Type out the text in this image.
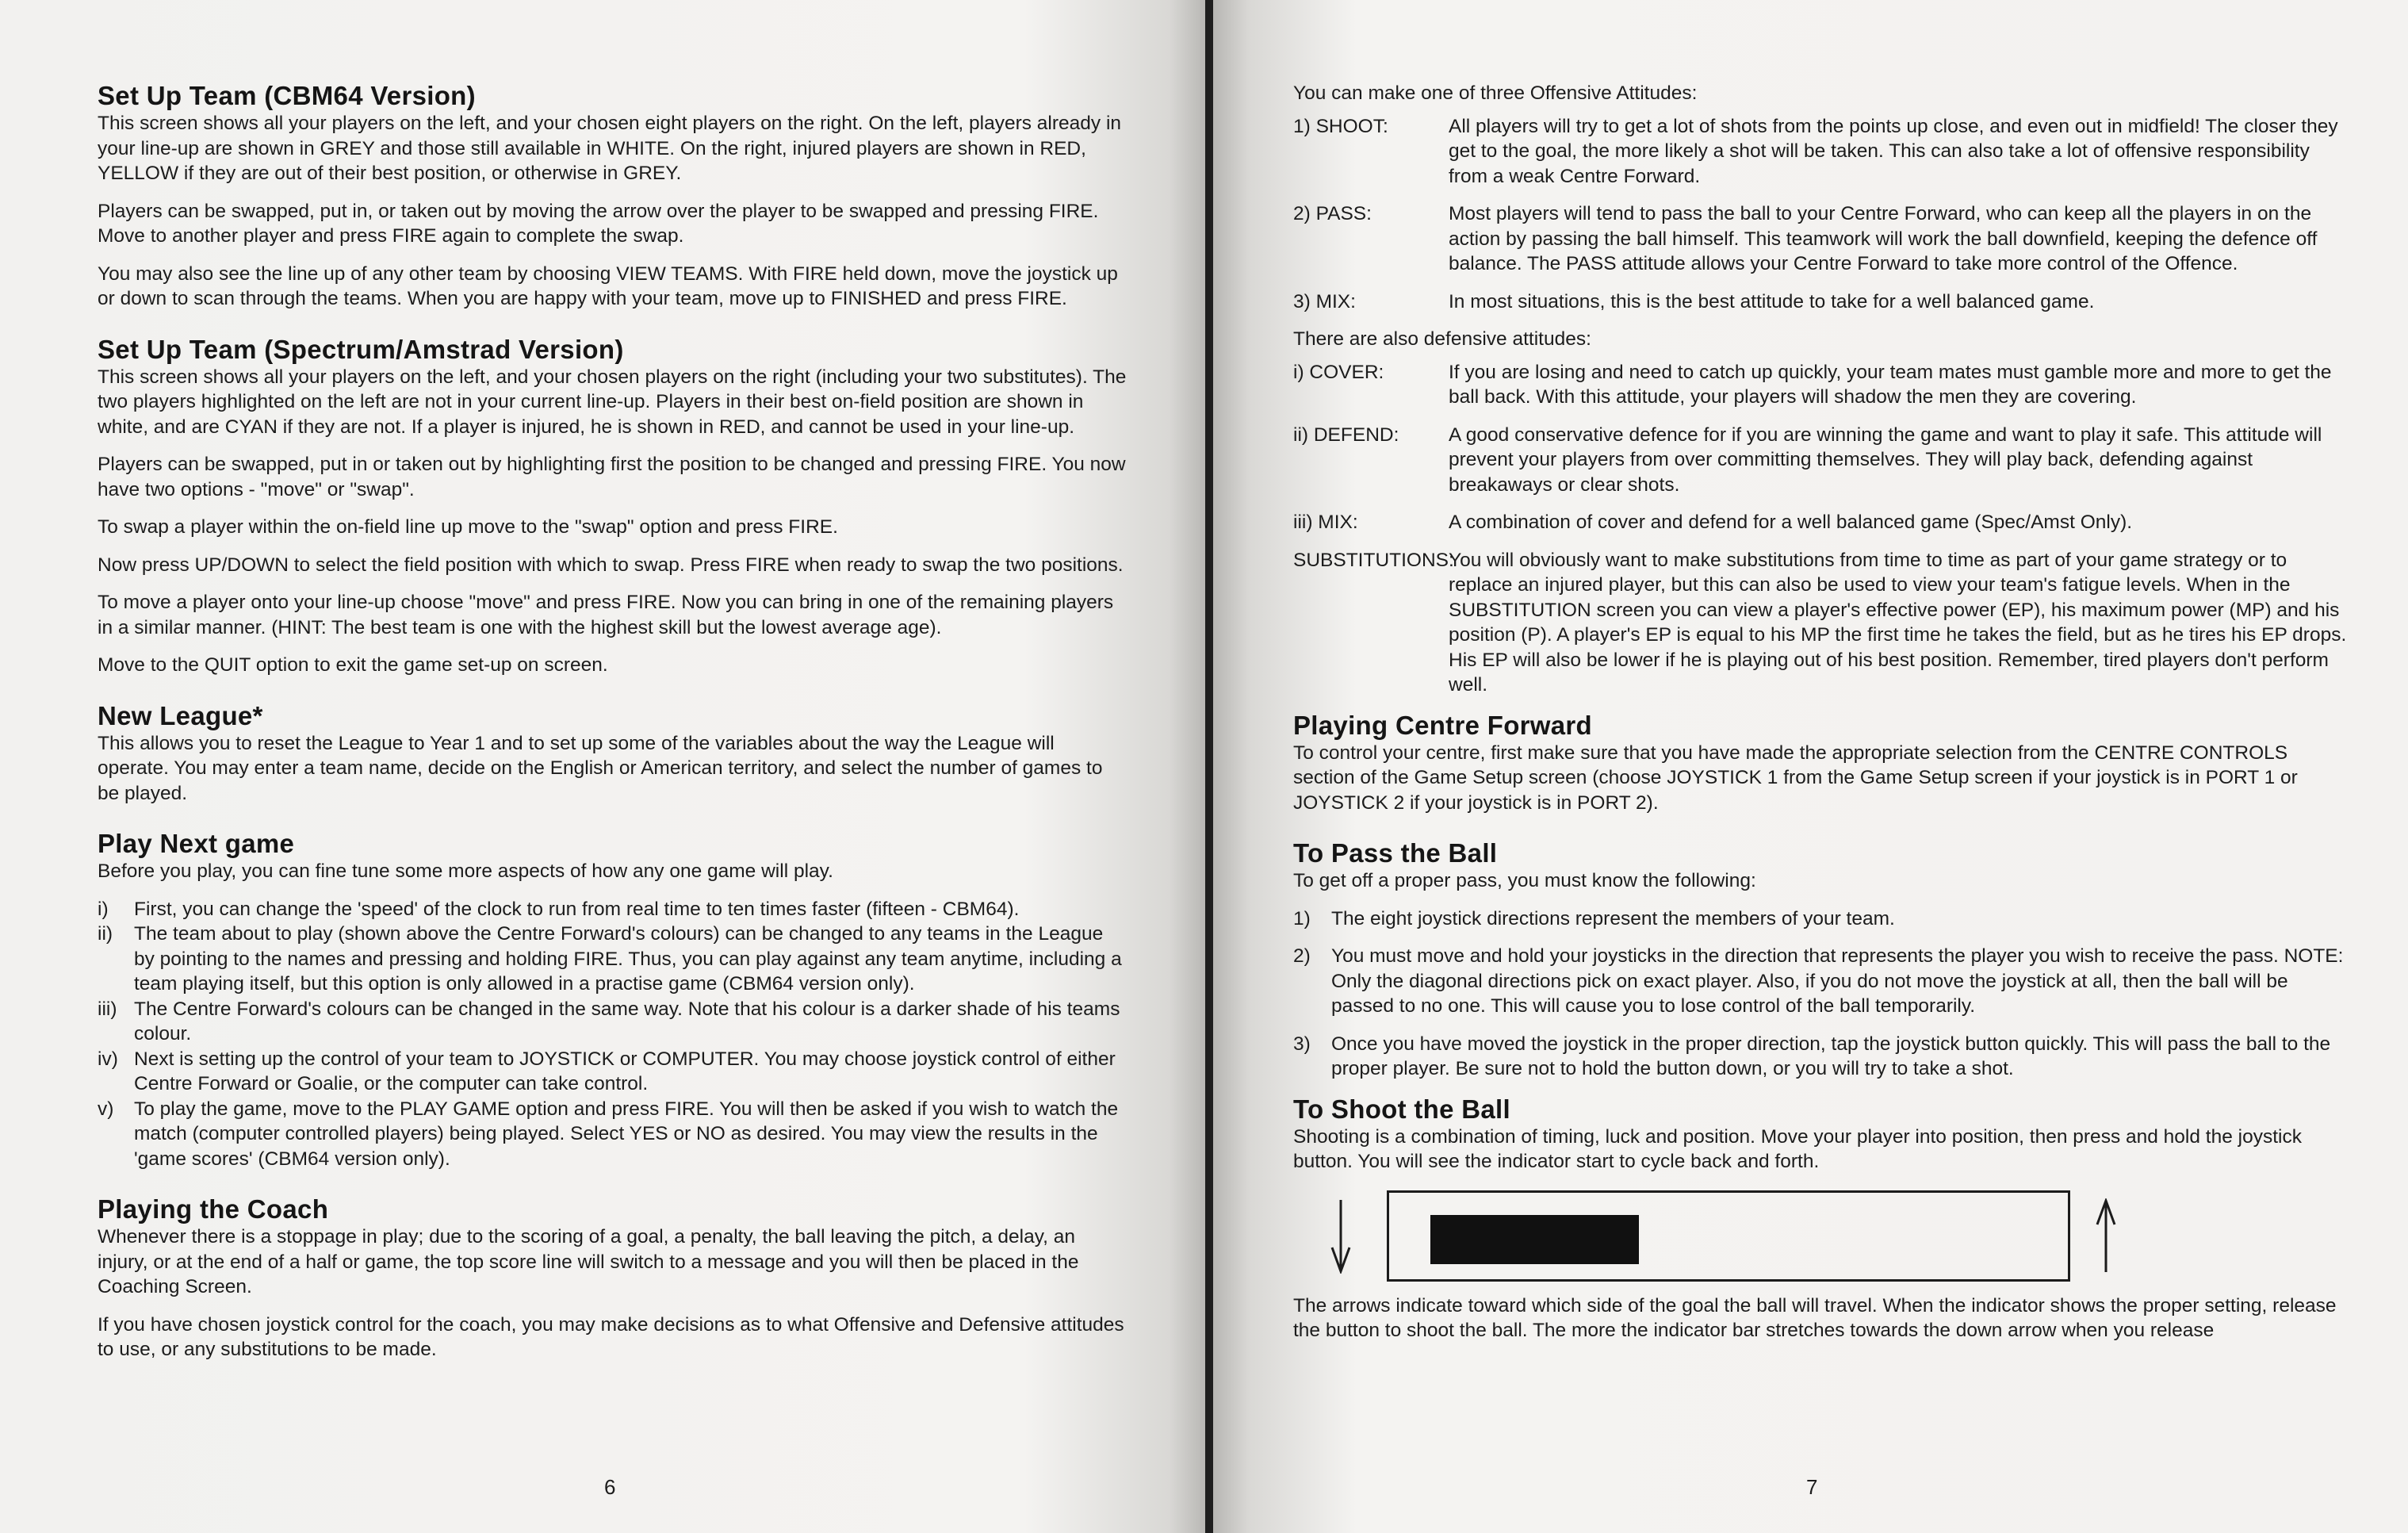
Set Up Team (CBM64 Version)

This screen shows all your players on the left, and your chosen eight players on the right. On the left, players already in your line-up are shown in GREY and those still available in WHITE. On the right, injured players are shown in RED, YELLOW if they are out of their best position, or otherwise in GREY.

Players can be swapped, put in, or taken out by moving the arrow over the player to be swapped and pressing FIRE. Move to another player and press FIRE again to complete the swap.

You may also see the line up of any other team by choosing VIEW TEAMS. With FIRE held down, move the joystick up or down to scan through the teams. When you are happy with your team, move up to FINISHED and press FIRE.

Set Up Team (Spectrum/Amstrad Version)

This screen shows all your players on the left, and your chosen players on the right (including your two substitutes). The two players highlighted on the left are not in your current line-up. Players in their best on-field position are shown in white, and are CYAN if they are not. If a player is injured, he is shown in RED, and cannot be used in your line-up.

Players can be swapped, put in or taken out by highlighting first the position to be changed and pressing FIRE. You now have two options - "move" or "swap".

To swap a player within the on-field line up move to the "swap" option and press FIRE.

Now press UP/DOWN to select the field position with which to swap. Press FIRE when ready to swap the two positions.

To move a player onto your line-up choose "move" and press FIRE. Now you can bring in one of the remaining players in a similar manner. (HINT: The best team is one with the highest skill but the lowest average age).

Move to the QUIT option to exit the game set-up on screen.

New League*

This allows you to reset the League to Year 1 and to set up some of the variables about the way the League will operate. You may enter a team name, decide on the English or American territory, and select the number of games to be played.

Play Next game

Before you play, you can fine tune some more aspects of how any one game will play.

i) First, you can change the 'speed' of the clock to run from real time to ten times faster (fifteen - CBM64).
ii) The team about to play (shown above the Centre Forward's colours) can be changed to any teams in the League by pointing to the names and pressing and holding FIRE. Thus, you can play against any team anytime, including a team playing itself, but this option is only allowed in a practise game (CBM64 version only).
iii) The Centre Forward's colours can be changed in the same way. Note that his colour is a darker shade of his teams colour.
iv) Next is setting up the control of your team to JOYSTICK or COMPUTER. You may choose joystick control of either Centre Forward or Goalie, or the computer can take control.
v) To play the game, move to the PLAY GAME option and press FIRE. You will then be asked if you wish to watch the match (computer controlled players) being played. Select YES or NO as desired. You may view the results in the 'game scores' (CBM64 version only).
Playing the Coach

Whenever there is a stoppage in play; due to the scoring of a goal, a penalty, the ball leaving the pitch, a delay, an injury, or at the end of a half or game, the top score line will switch to a message and you will then be placed in the Coaching Screen.

If you have chosen joystick control for the coach, you may make decisions as to what Offensive and Defensive attitudes to use, or any substitutions to be made.

6

You can make one of three Offensive Attitudes:

1) SHOOT:	All players will try to get a lot of shots from the points up close, and even out in midfield! The closer they get to the goal, the more likely a shot will be taken. This can also take a lot of offensive responsibility from a weak Centre Forward.
2) PASS:	Most players will tend to pass the ball to your Centre Forward, who can keep all the players in on the action by passing the ball himself. This teamwork will work the ball downfield, keeping the defence off balance. The PASS attitude allows your Centre Forward to take more control of the Offence.
3) MIX:	In most situations, this is the best attitude to take for a well balanced game.

There are also defensive attitudes:

i) COVER:	If you are losing and need to catch up quickly, your team mates must gamble more and more to get the ball back. With this attitude, your players will shadow the men they are covering.
ii) DEFEND:	A good conservative defence for if you are winning the game and want to play it safe. This attitude will prevent your players from over committing themselves. They will play back, defending against breakaways or clear shots.
iii) MIX:	A combination of cover and defend for a well balanced game (Spec/Amst Only).
SUBSTITUTIONS:
You will obviously want to make substitutions from time to time as part of your game strategy or to replace an injured player, but this can also be used to view your team's fatigue levels. When in the SUBSTITUTION screen you can view a player's effective power (EP), his maximum power (MP) and his position (P). A player's EP is equal to his MP the first time he takes the field, but as he tires his EP drops. His EP will also be lower if he is playing out of his best position. Remember, tired players don't perform well.
Playing Centre Forward

To control your centre, first make sure that you have made the appropriate selection from the CENTRE CONTROLS section of the Game Setup screen (choose JOYSTICK 1 from the Game Setup screen if your joystick is in PORT 1 or JOYSTICK 2 if your joystick is in PORT 2).

To Pass the Ball

To get off a proper pass, you must know the following:

1)	The eight joystick directions represent the members of your team.
2)	You must move and hold your joysticks in the direction that represents the player you wish to receive the pass. NOTE: Only the diagonal directions pick on exact player. Also, if you do not move the joystick at all, then the ball will be passed to no one. This will cause you to lose control of the ball temporarily.
3)	Once you have moved the joystick in the proper direction, tap the joystick button quickly. This will pass the ball to the proper player. Be sure not to hold the button down, or you will try to take a shot.
To Shoot the Ball

Shooting is a combination of timing, luck and position. Move your player into position, then press and hold the joystick button. You will see the indicator start to cycle back and forth.

The arrows indicate toward which side of the goal the ball will travel. When the indicator shows the proper setting, release the button to shoot the ball. The more the indicator bar stretches towards the down arrow when you release

7
